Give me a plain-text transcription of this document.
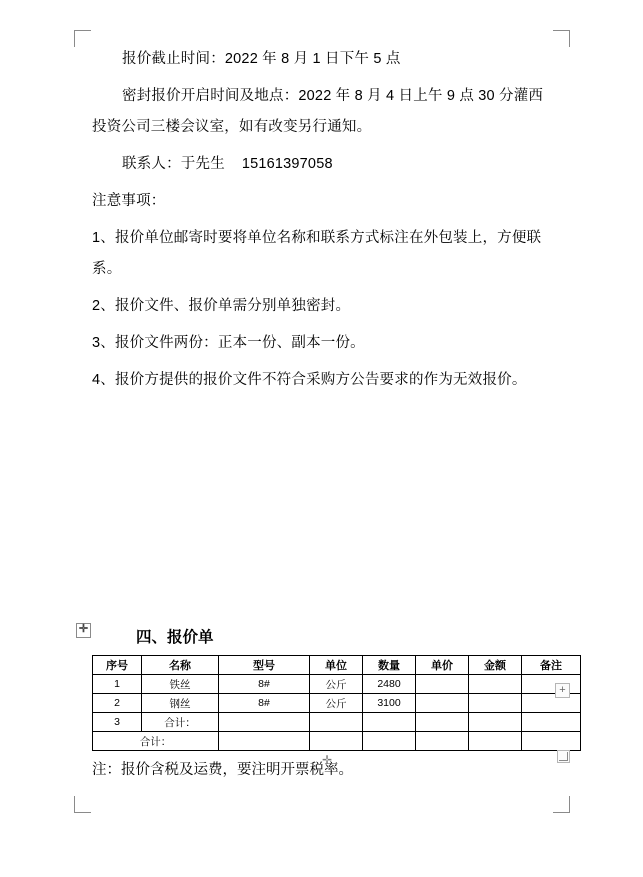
报价截止时间：2022 年 8 月 1 日下午 5 点

密封报价开启时间及地点：2022 年 8 月 4 日上午 9 点 30 分灌西投资公司三楼会议室，如有改变另行通知。

联系人：于先生    15161397058

注意事项：

1、报价单位邮寄时要将单位名称和联系方式标注在外包装上，方便联系。

2、报价文件、报价单需分别单独密封。

3、报价文件两份：正本一份、副本一份。

4、报价方提供的报价文件不符合采购方公告要求的作为无效报价。

✛
四、报价单
序号	名称	型号	单位	数量	单价	金额	备注
1	铁丝	8#	公斤	2480			
2	钢丝	8#	公斤	3100			
3	合计：						
合计：							
+

注：报价含税及运费，要注明开票税率。
✛
